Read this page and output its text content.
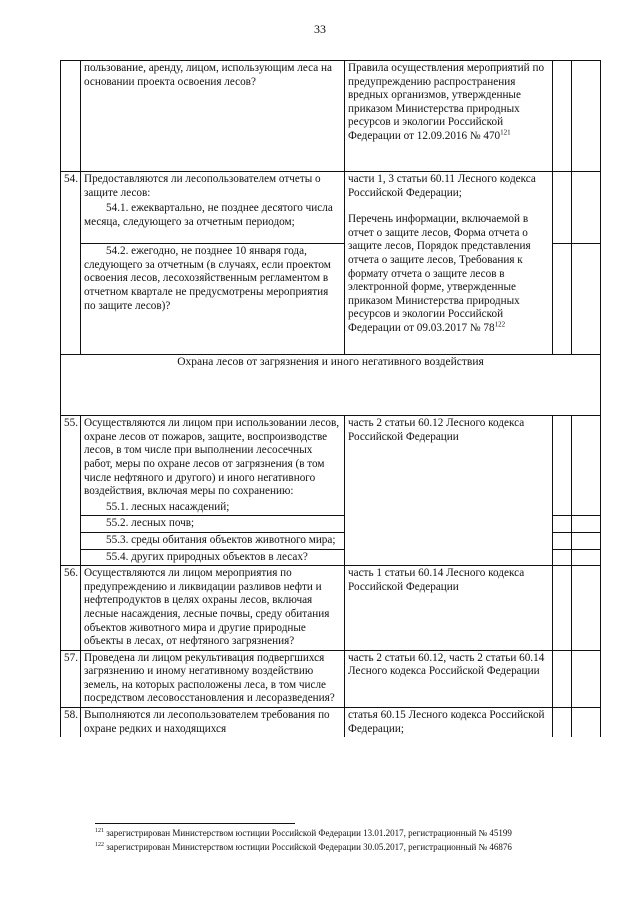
33
	пользование, аренду, лицом, использующим леса на основании проекта освоения лесов?	Правила осуществления мероприятий по предупреждению распространения вредных организмов, утвержденные приказом Министерства природных ресурсов и экологии Российской Федерации от 12.09.2016 № $470^{121}$		
54.	Предоставляются ли лесопользователем отчеты о защите лесов:	части 1, 3 статьи 60.11 Лесного кодекса Российской Федерации;
Перечень информации, включаемой в отчет о защите лесов, Форма отчета о защите лесов, Порядок представления отчета о защите лесов, Требования к формату отчета о защите лесов в электронной форме, утвержденные приказом Министерства природных ресурсов и экологии Российской Федерации от 09.03.2017 № $78^{122}$		
	54.1. ежеквартально, не позднее десятого числа месяца, следующего за отчетным периодом;			
	54.2. ежегодно, не позднее 10 января года, следующего за отчетным (в случаях, если проектом освоения лесов, лесохозяйственным регламентом в отчетном квартале не предусмотрены мероприятия по защите лесов)?			
Охрана лесов от загрязнения и иного негативного воздействия				
55.	Осуществляются ли лицом при использовании лесов, охране лесов от пожаров, защите, воспроизводстве лесов, в том числе при выполнении лесосечных работ, меры по охране лесов от загрязнения (в том числе нефтяного и другого) и иного негативного воздействия, включая меры по сохранению:	часть 2 статьи 60.12 Лесного кодекса Российской Федерации		
	55.1. лесных насаждений;			
	55.2. лесных почв;			
	55.3. среды обитания объектов животного мира;			
	55.4. других природных объектов в лесах?			
56.	Осуществляются ли лицом мероприятия по предупреждению и ликвидации разливов нефти и нефтепродуктов в целях охраны лесов, включая лесные насаждения, лесные почвы, среду обитания объектов животного мира и другие природные объекты в лесах, от нефтяного загрязнения?	часть 1 статьи 60.14 Лесного кодекса Российской Федерации		
57.	Проведена ли лицом рекультивация подвергшихся загрязнению и иному негативному воздействию земель, на которых расположены леса, в том числе посредством лесовосстановления и лесоразведения?	часть 2 статьи 60.12, часть 2 статьи 60.14 Лесного кодекса Российской Федерации		
58.	Выполняются ли лесопользователем требования по охране редких и находящихся	статья 60.15 Лесного кодекса Российской Федерации;		
$^{121}$ зарегистрирован Министерством юстиции Российской Федерации 13.01.2017, регистрационный № 45199
$^{122}$ зарегистрирован Министерством юстиции Российской Федерации 30.05.2017, регистрационный № 46876
